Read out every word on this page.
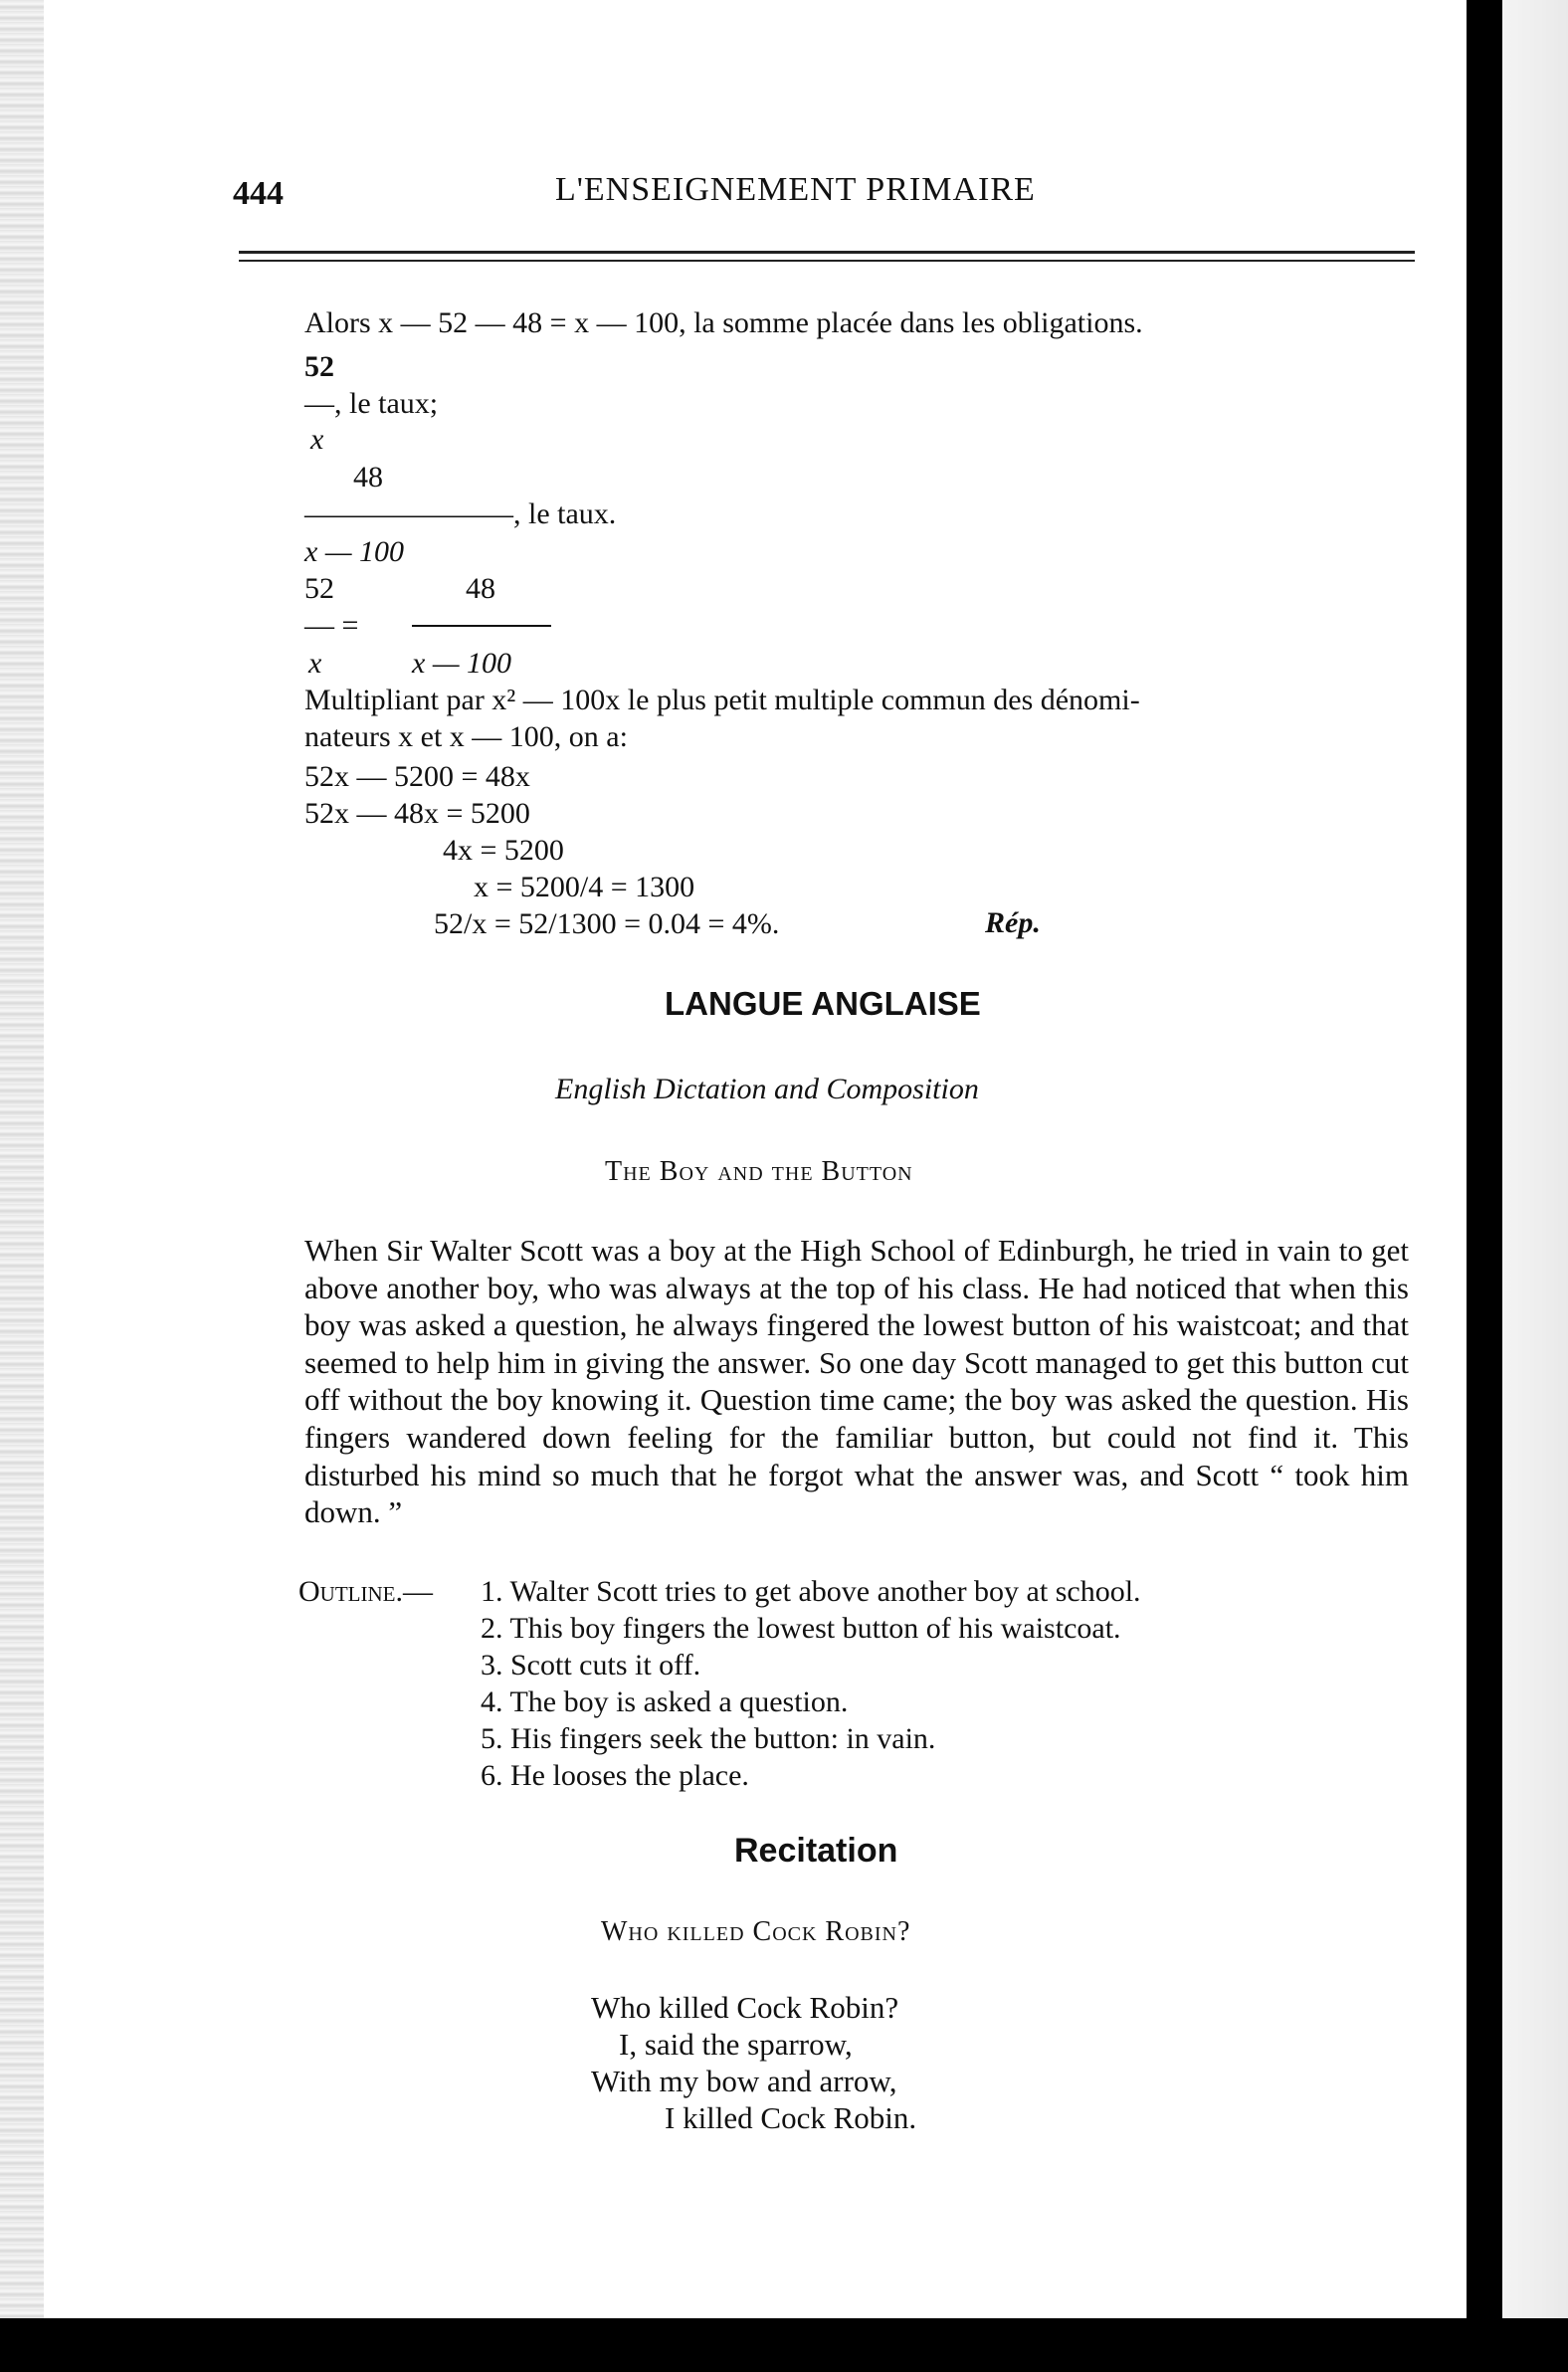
444	L'ENSEIGNEMENT PRIMAIRE
Alors x — 52 — 48 = x — 100, la somme placée dans les obligations.
52
—, le taux;
x
48
———————, le taux.
x — 100
52	48
— =
x	x — 100
Multipliant par x² — 100x le plus petit multiple commun des dénomi-
nateurs x et x — 100, on a:
52x — 5200 = 48x
52x — 48x = 5200
4x = 5200
x = 5200/4 = 1300
52/x = 52/1300 = 0.04 = 4%.	Rép.
LANGUE ANGLAISE
English Dictation and Composition
The Boy and the Button

When Sir Walter Scott was a boy at the High School of Edinburgh, he tried in vain to get above another boy, who was always at the top of his class. He had noticed that when this boy was asked a question, he always fingered the lowest button of his waistcoat; and that seemed to help him in giving the answer. So one day Scott managed to get this button cut off without the boy knowing it. Question time came; the boy was asked the question. His fingers wandered down feeling for the familiar button, but could not find it. This disturbed his mind so much that he forgot what the answer was, and Scott “ took him down. ”

Outline.— 1. Walter Scott tries to get above another boy at school.
2. This boy fingers the lowest button of his waistcoat.
3. Scott cuts it off.
4. The boy is asked a question.
5. His fingers seek the button: in vain.
6. He looses the place.
Recitation
Who killed Cock Robin?
Who killed Cock Robin?
I, said the sparrow,
With my bow and arrow,
I killed Cock Robin.
